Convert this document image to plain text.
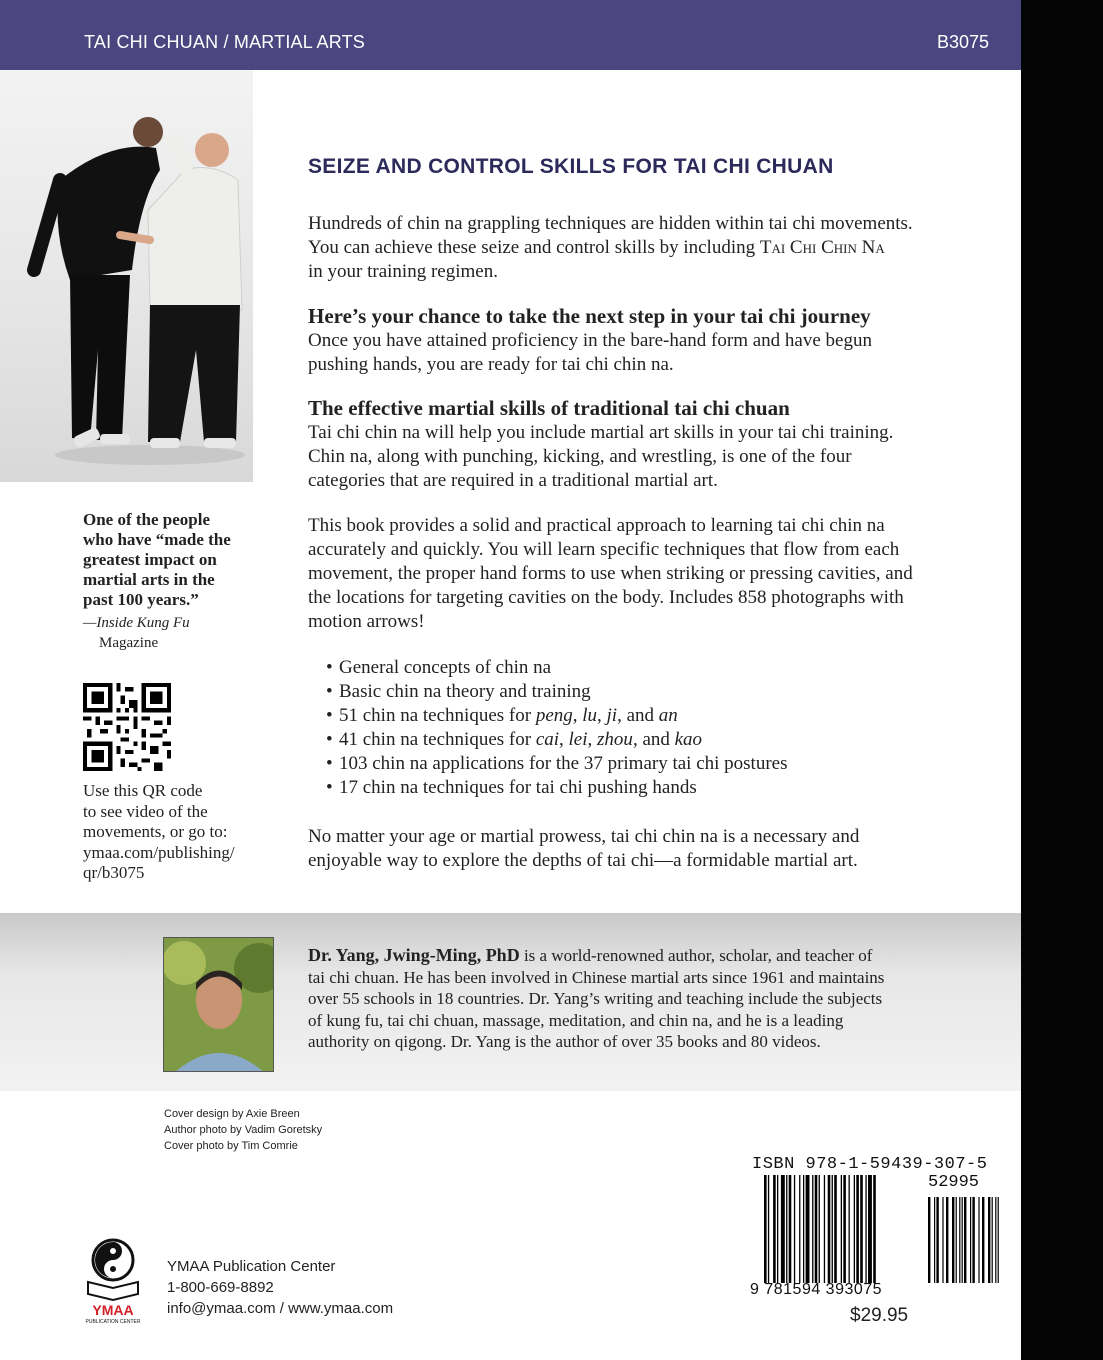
TAI CHI CHUAN / MARTIAL ARTS	B3075
One of the people
who have “made the
greatest impact on
martial arts in the
past 100 years.”
—Inside Kung Fu
Magazine
Use this QR code
to see video of the
movements, or go to:
ymaa.com/publishing/
qr/b3075
SEIZE AND CONTROL SKILLS FOR TAI CHI CHUAN
Hundreds of chin na grappling techniques are hidden within tai chi movements.
You can achieve these seize and control skills by including Tai Chi Chin Na
in your training regimen.
Here’s your chance to take the next step in your tai chi journey
Once you have attained proficiency in the bare-hand form and have begun
pushing hands, you are ready for tai chi chin na.
The effective martial skills of traditional tai chi chuan
Tai chi chin na will help you include martial art skills in your tai chi training.
Chin na, along with punching, kicking, and wrestling, is one of the four
categories that are required in a traditional martial art.
This book provides a solid and practical approach to learning tai chi chin na
accurately and quickly. You will learn specific techniques that flow from each
movement, the proper hand forms to use when striking or pressing cavities, and
the locations for targeting cavities on the body. Includes 858 photographs with
motion arrows!
• General concepts of chin na
• Basic chin na theory and training
• 51 chin na techniques for peng, lu, ji, and an
• 41 chin na techniques for cai, lei, zhou, and kao
• 103 chin na applications for the 37 primary tai chi postures
• 17 chin na techniques for tai chi pushing hands
No matter your age or martial prowess, tai chi chin na is a necessary and
enjoyable way to explore the depths of tai chi—a formidable martial art.
Dr. Yang, Jwing-Ming, PhD is a world-renowned author, scholar, and teacher of
tai chi chuan. He has been involved in Chinese martial arts since 1961 and maintains
over 55 schools in 18 countries. Dr. Yang’s writing and teaching include the subjects
of kung fu, tai chi chuan, massage, meditation, and chin na, and he is a leading
authority on qigong. Dr. Yang is the author of over 35 books and 80 videos.
Cover design by Axie Breen
Author photo by Vadim Goretsky
Cover photo by Tim Comrie
YMAA
PUBLICATION CENTER
YMAA Publication Center
1-800-669-8892
info@ymaa.com / www.ymaa.com
ISBN 978-1-59439-307-5
52995
9 781594 393075
$29.95
